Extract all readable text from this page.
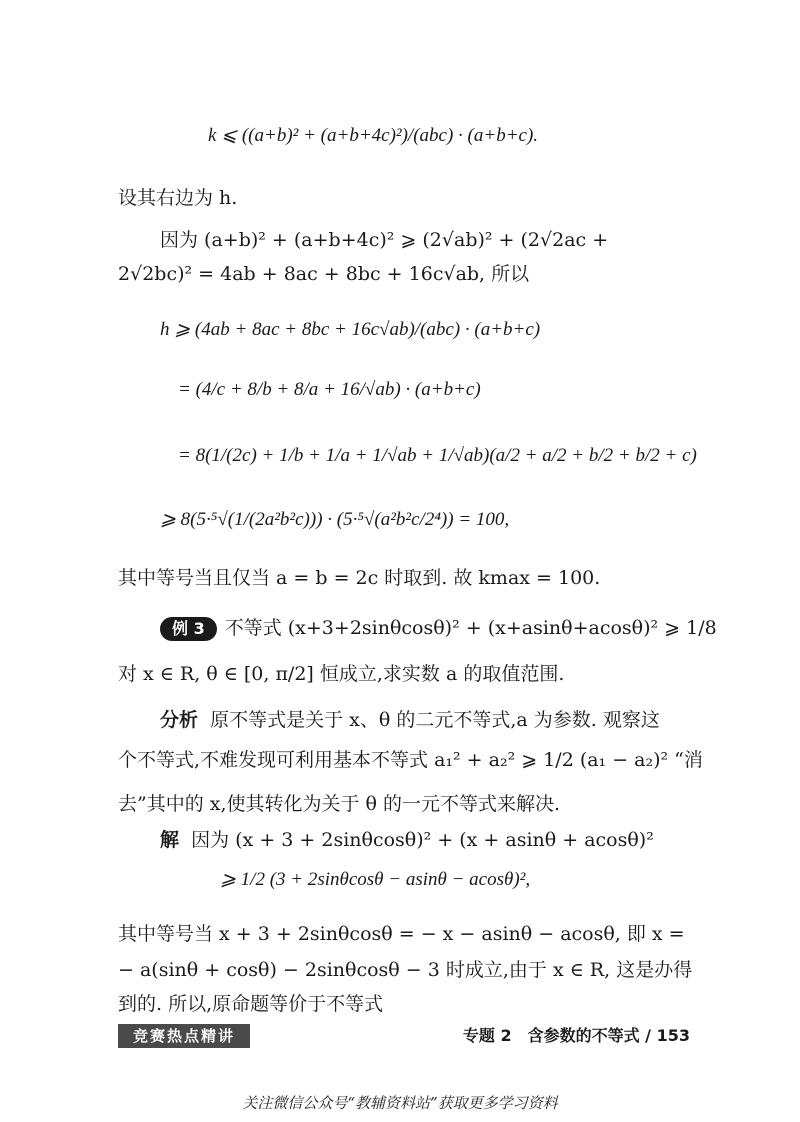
k ⩽ ((a+b)² + (a+b+4c)²)/(abc) · (a+b+c).
设其右边为 h.
因为 (a+b)² + (a+b+4c)² ⩾ (2√ab)² + (2√2ac +
2√2bc)² = 4ab + 8ac + 8bc + 16c√ab, 所以
h ⩾ (4ab + 8ac + 8bc + 16c√ab)/(abc) · (a+b+c)
= (4/c + 8/b + 8/a + 16/√ab) · (a+b+c)
= 8(1/(2c) + 1/b + 1/a + 1/√ab + 1/√ab)(a/2 + a/2 + b/2 + b/2 + c)
⩾ 8(5·⁵√(1/(2a²b²c))) · (5·⁵√(a²b²c/2⁴)) = 100,
其中等号当且仅当 a = b = 2c 时取到. 故 kmax = 100.
例 3 不等式 (x+3+2sinθcosθ)² + (x+asinθ+acosθ)² ⩾ 1/8
对 x ∈ R, θ ∈ [0, π/2] 恒成立,求实数 a 的取值范围.
分析 原不等式是关于 x、θ 的二元不等式,a 为参数. 观察这
个不等式,不难发现可利用基本不等式 a₁² + a₂² ⩾ 1/2 (a₁ − a₂)² “消
去”其中的 x,使其转化为关于 θ 的一元不等式来解决.
解 因为 (x + 3 + 2sinθcosθ)² + (x + asinθ + acosθ)²
⩾ 1/2 (3 + 2sinθcosθ − asinθ − acosθ)²,
其中等号当 x + 3 + 2sinθcosθ = − x − asinθ − acosθ, 即 x =
− a(sinθ + cosθ) − 2sinθcosθ − 3 时成立,由于 x ∈ R, 这是办得
到的. 所以,原命题等价于不等式
竞赛热点精讲	专题 2　含参数的不等式 / 153
关注微信公众号“教辅资料站”获取更多学习资料
